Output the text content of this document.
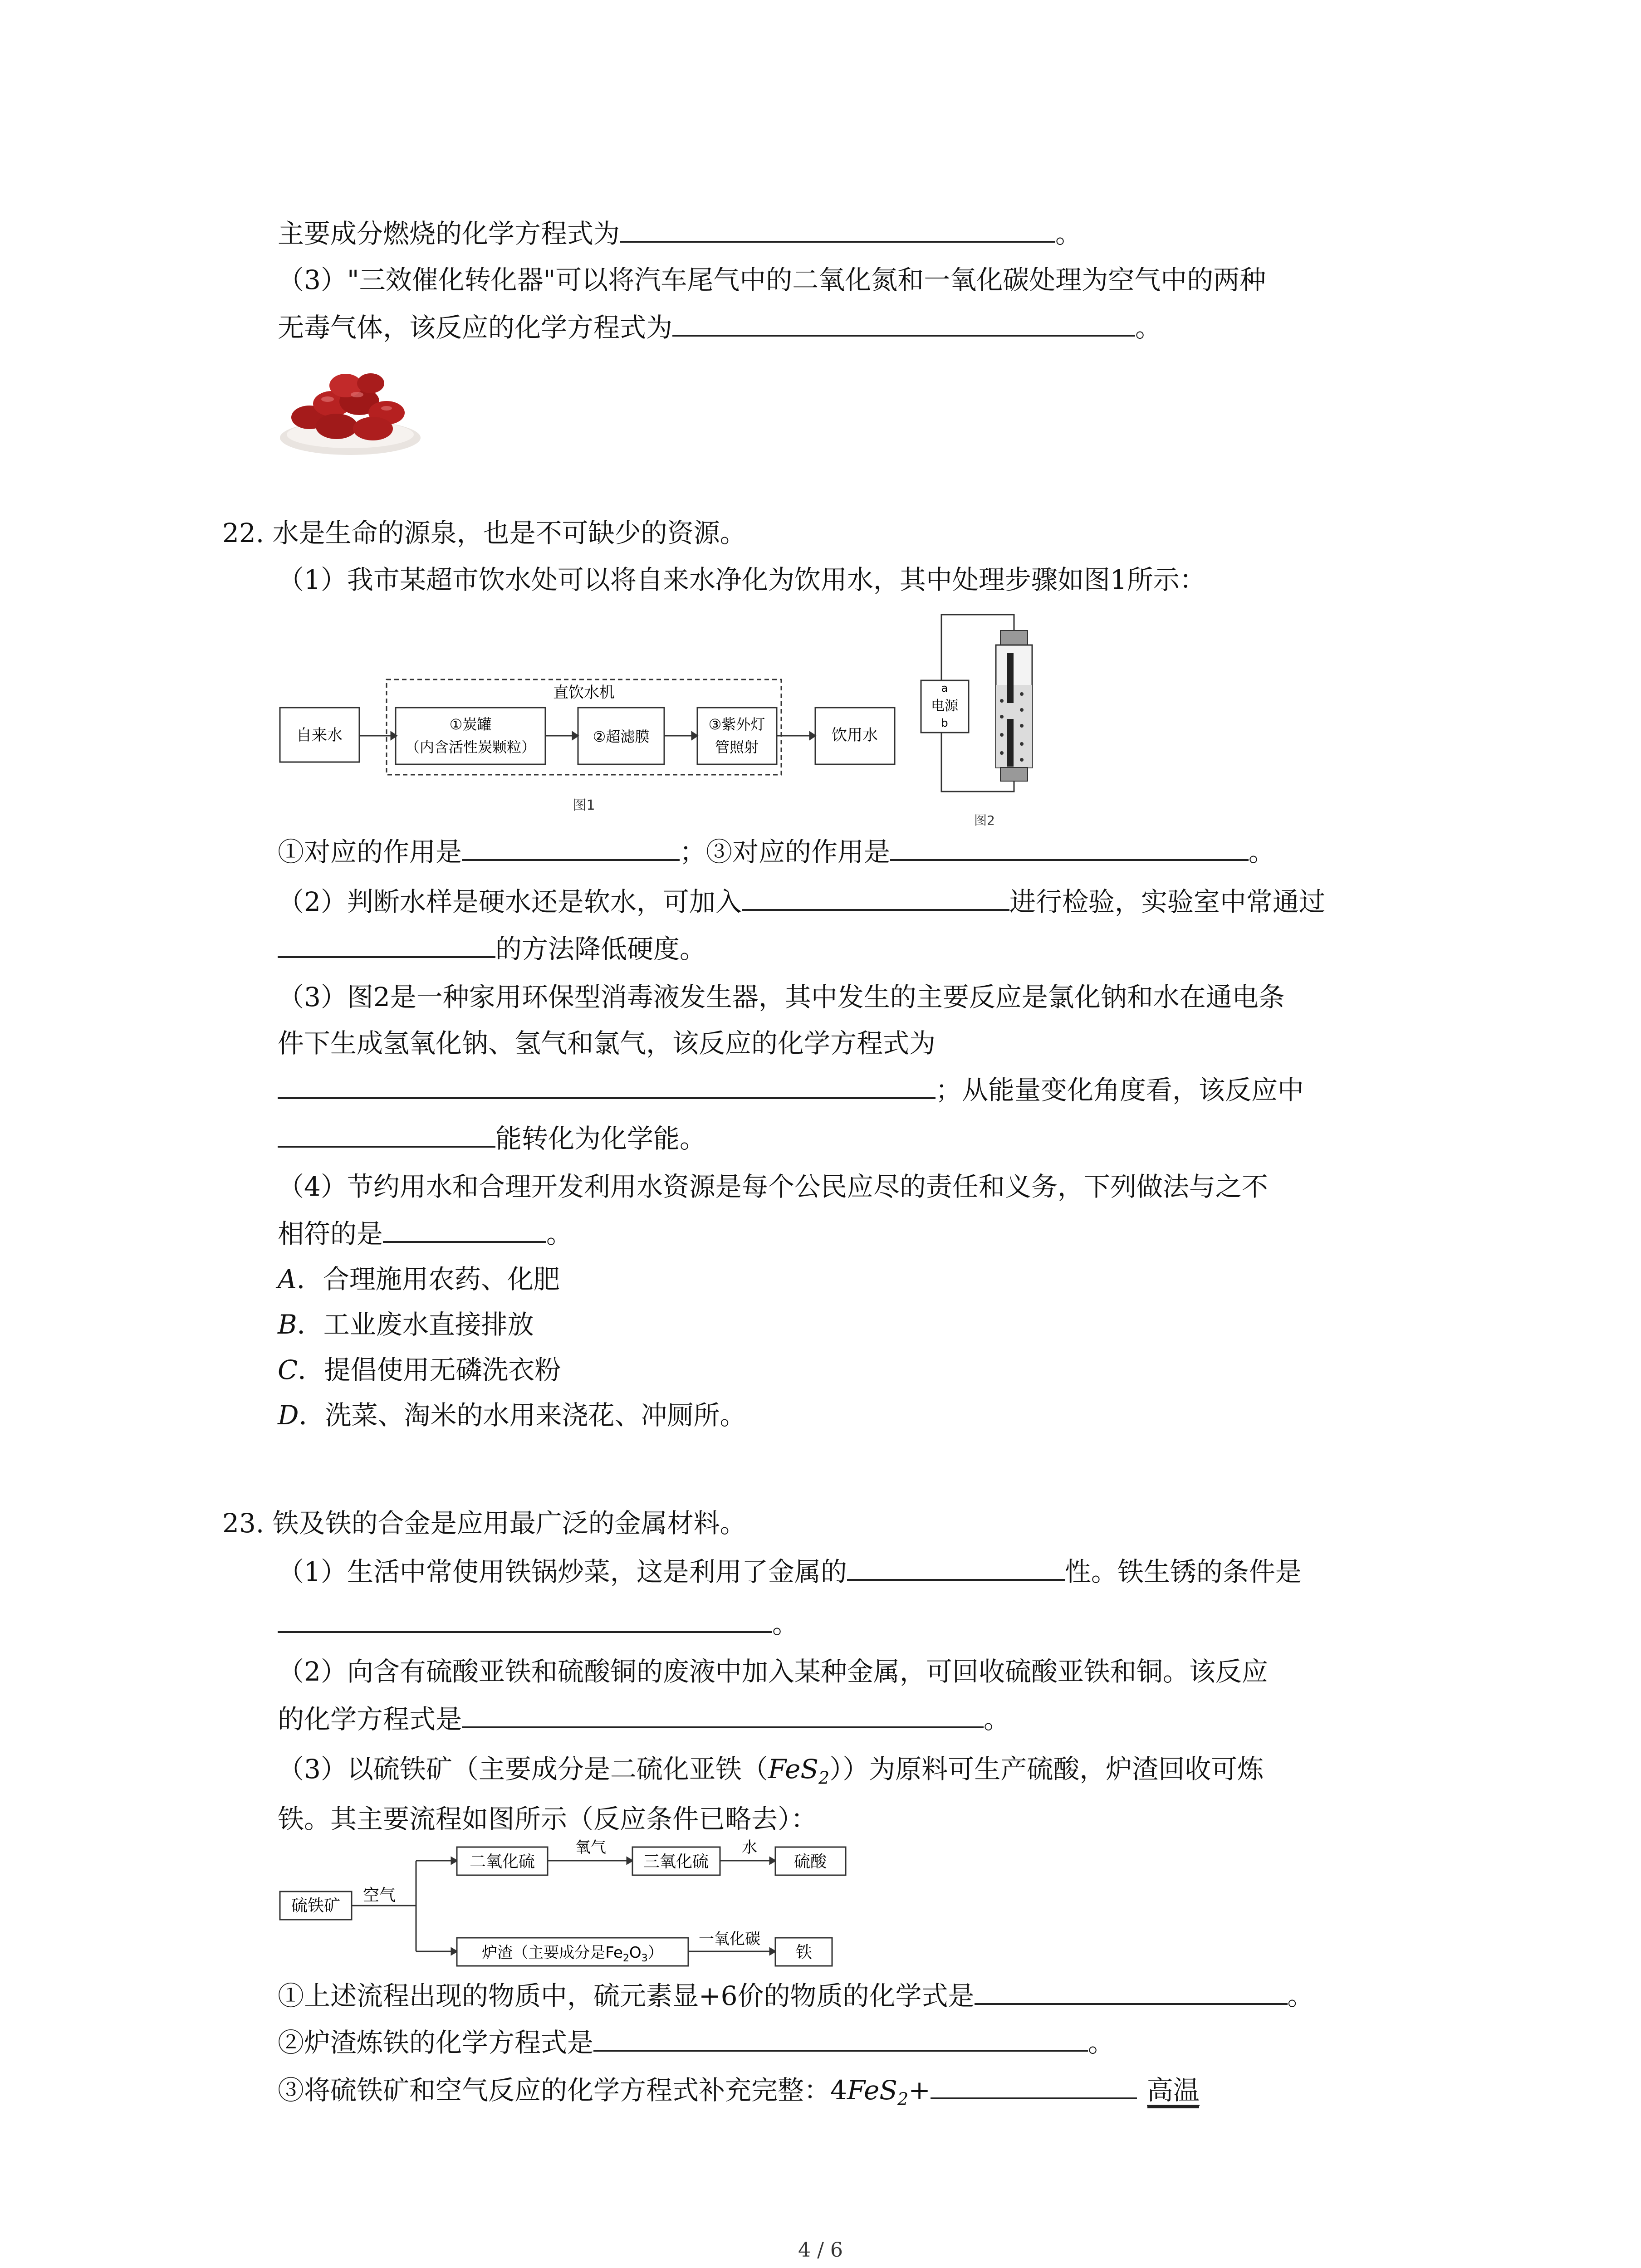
主要成分燃烧的化学方程式为	。
（3）"三效催化转化器"可以将汽车尾气中的二氧化氮和一氧化碳处理为空气中的两种
无毒气体，该反应的化学方程式为	。
22. 水是生命的源泉，也是不可缺少的资源。
（1）我市某超市饮水处可以将自来水净化为饮用水，其中处理步骤如图1所示：
直饮水机
自来水
①炭罐
（内含活性炭颗粒）
②超滤膜
③紫外灯
管照射
饮用水
图1
a
电源
b
图2
①对应的作用是	；③对应的作用是	。
（2）判断水样是硬水还是软水，可加入	进行检验，实验室中常通过
的方法降低硬度。
（3）图2是一种家用环保型消毒液发生器，其中发生的主要反应是氯化钠和水在通电条
件下生成氢氧化钠、氢气和氯气，该反应的化学方程式为
；从能量变化角度看，该反应中
能转化为化学能。
（4）节约用水和合理开发利用水资源是每个公民应尽的责任和义务，下列做法与之不
相符的是	。
A．合理施用农药、化肥
B．工业废水直接排放
C．提倡使用无磷洗衣粉
D．洗菜、淘米的水用来浇花、冲厕所。
23. 铁及铁的合金是应用最广泛的金属材料。
（1）生活中常使用铁锅炒菜，这是利用了金属的	性。铁生锈的条件是
。
（2）向含有硫酸亚铁和硫酸铜的废液中加入某种金属，可回收硫酸亚铁和铜。该反应
的化学方程式是	。
（3）以硫铁矿（主要成分是二硫化亚铁（FeS$_2$））为原料可生产硫酸，炉渣回收可炼
铁。其主要流程如图所示（反应条件已略去）：
硫铁矿
空气
二氧化硫
氧气
三氧化硫
水
硫酸
炉渣（主要成分是$Fe_2O_3$）
一氧化碳
铁
①上述流程出现的物质中，硫元素显+6价的物质的化学式是	。
②炉渣炼铁的化学方程式是	。
③将硫铁矿和空气反应的化学方程式补充完整：4FeS$_2$+	高温
4 / 6
